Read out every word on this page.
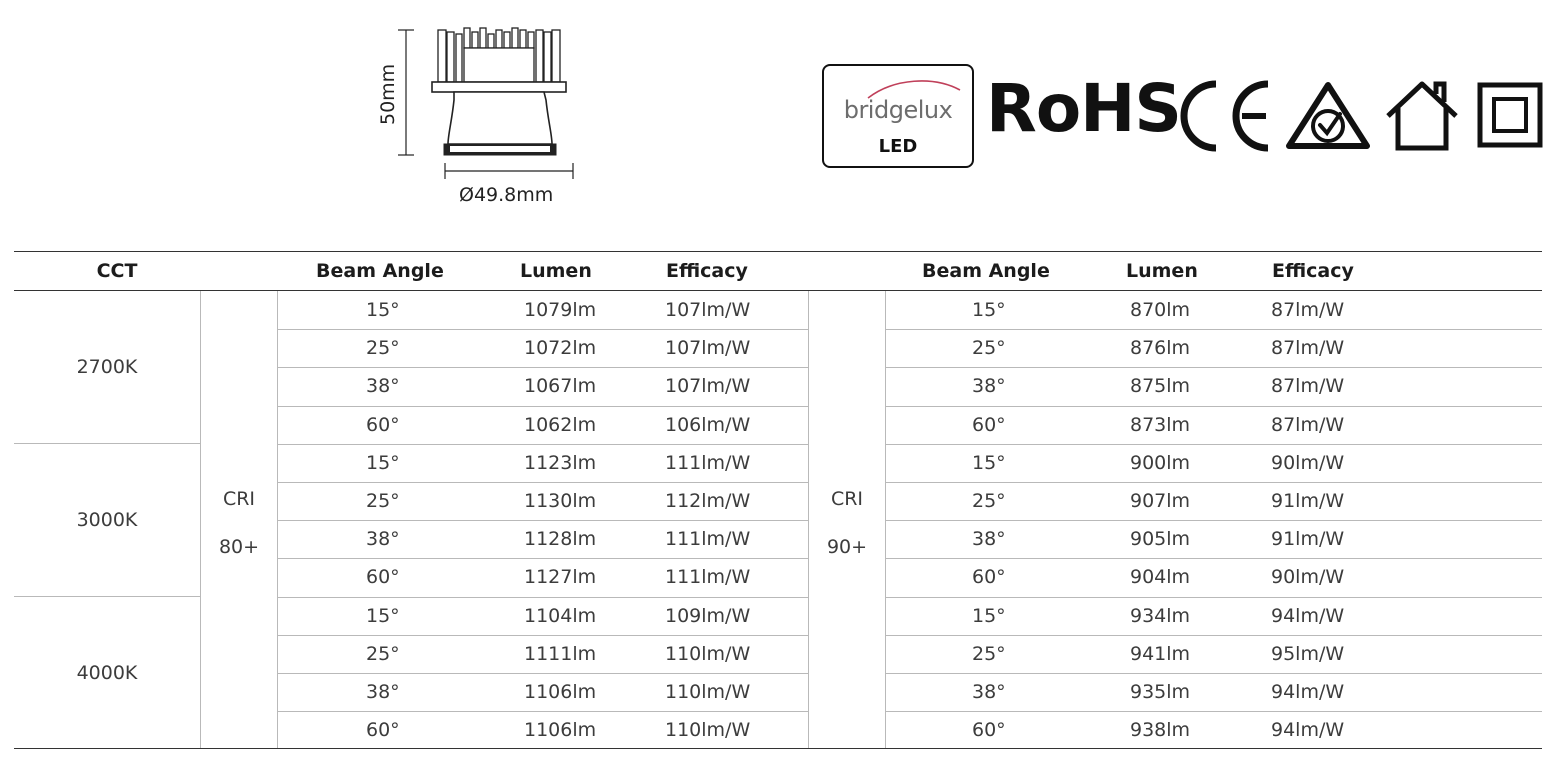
50mm
Ø49.8mm
bridgelux
LED	RoHS
CCT	Beam Angle	Lumen	Efficacy	Beam Angle	Lumen	Efficacy
CRI
80+
CRI
90+
2700K
15°	1079lm	107lm/W	15°	870lm	87lm/W
25°	1072lm	107lm/W	25°	876lm	87lm/W
38°	1067lm	107lm/W	38°	875lm	87lm/W
60°	1062lm	106lm/W	60°	873lm	87lm/W
3000K
15°	1123lm	111lm/W	15°	900lm	90lm/W
25°	1130lm	112lm/W	25°	907lm	91lm/W
38°	1128lm	111lm/W	38°	905lm	91lm/W
60°	1127lm	111lm/W	60°	904lm	90lm/W
4000K
15°	1104lm	109lm/W	15°	934lm	94lm/W
25°	1111lm	110lm/W	25°	941lm	95lm/W
38°	1106lm	110lm/W	38°	935lm	94lm/W
60°	1106lm	110lm/W	60°	938lm	94lm/W
